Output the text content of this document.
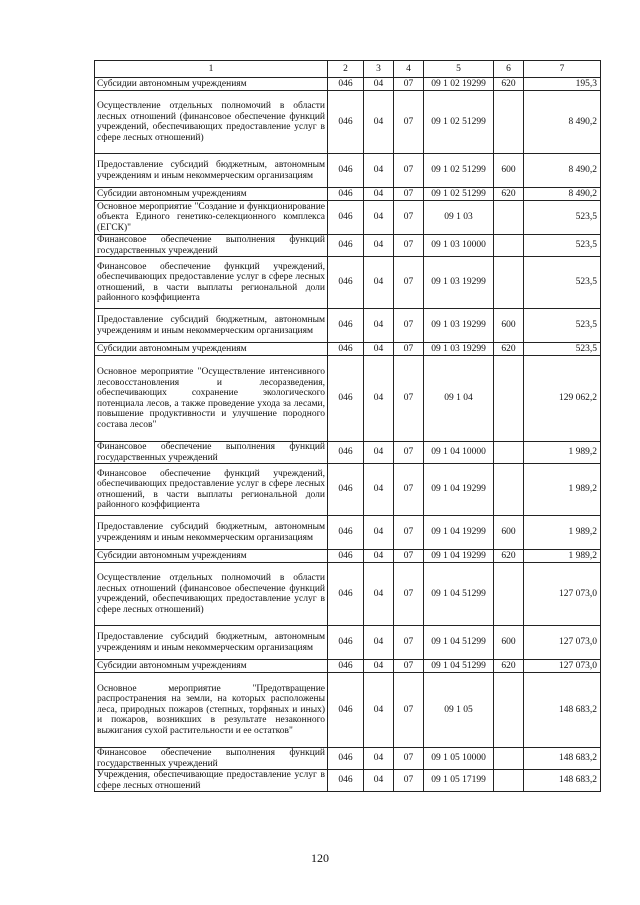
1	2	3	4	5	6	7
Субсидии автономным учреждениям	046	04	07	09 1 02 19299	620	195,3
Осуществление отдельных полномочий в области лесных отношений (финансовое обеспечение функций учреждений, обеспечивающих предоставление услуг в сфере лесных отношений)	046	04	07	09 1 02 51299		8 490,2
Предоставление субсидий бюджетным, автономным учреждениям и иным некоммерческим организациям	046	04	07	09 1 02 51299	600	8 490,2
Субсидии автономным учреждениям	046	04	07	09 1 02 51299	620	8 490,2
Основное мероприятие "Создание и функционирование объекта Единого генетико-селекционного комплекса (ЕГСК)"	046	04	07	09 1 03		523,5
Финансовое обеспечение выполнения функций государственных учреждений	046	04	07	09 1 03 10000		523,5
Финансовое обеспечение функций учреждений, обеспечивающих предоставление услуг в сфере лесных отношений, в части выплаты региональной доли районного коэффициента	046	04	07	09 1 03 19299		523,5
Предоставление субсидий бюджетным, автономным учреждениям и иным некоммерческим организациям	046	04	07	09 1 03 19299	600	523,5
Субсидии автономным учреждениям	046	04	07	09 1 03 19299	620	523,5
Основное мероприятие "Осуществление интенсивного лесовосстановления и лесоразведения, обеспечивающих сохранение экологического потенциала лесов, а также проведение ухода за лесами, повышение продуктивности и улучшение породного состава лесов"	046	04	07	09 1 04		129 062,2
Финансовое обеспечение выполнения функций государственных учреждений	046	04	07	09 1 04 10000		1 989,2
Финансовое обеспечение функций учреждений, обеспечивающих предоставление услуг в сфере лесных отношений, в части выплаты региональной доли районного коэффициента	046	04	07	09 1 04 19299		1 989,2
Предоставление субсидий бюджетным, автономным учреждениям и иным некоммерческим организациям	046	04	07	09 1 04 19299	600	1 989,2
Субсидии автономным учреждениям	046	04	07	09 1 04 19299	620	1 989,2
Осуществление отдельных полномочий в области лесных отношений (финансовое обеспечение функций учреждений, обеспечивающих предоставление услуг в сфере лесных отношений)	046	04	07	09 1 04 51299		127 073,0
Предоставление субсидий бюджетным, автономным учреждениям и иным некоммерческим организациям	046	04	07	09 1 04 51299	600	127 073,0
Субсидии автономным учреждениям	046	04	07	09 1 04 51299	620	127 073,0
Основное мероприятие "Предотвращение распространения на земли, на которых расположены леса, природных пожаров (степных, торфяных и иных) и пожаров, возникших в результате незаконного выжигания сухой растительности и ее остатков"	046	04	07	09 1 05		148 683,2
Финансовое обеспечение выполнения функций государственных учреждений	046	04	07	09 1 05 10000		148 683,2
Учреждения, обеспечивающие предоставление услуг в сфере лесных отношений	046	04	07	09 1 05 17199		148 683,2
120
